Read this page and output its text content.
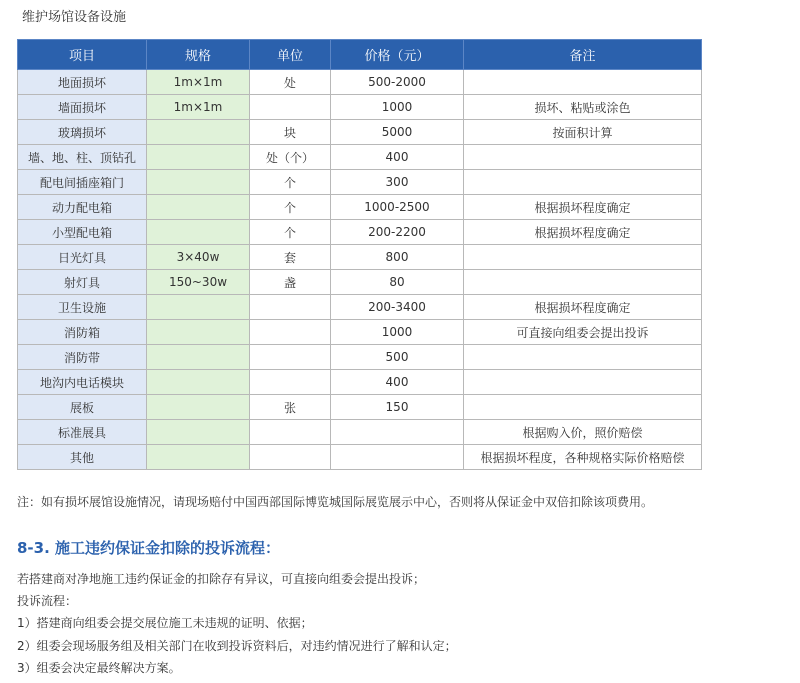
维护场馆设备设施
项目	规格	单位	价格（元）	备注
地面损坏	1m×1m	处	500-2000	
墙面损坏	1m×1m		1000	损坏、粘贴或涂色
玻璃损坏		块	5000	按面积计算
墙、地、柱、顶钻孔		处（个）	400	
配电间插座箱门		个	300	
动力配电箱		个	1000-2500	根据损坏程度确定
小型配电箱		个	200-2200	根据损坏程度确定
日光灯具	3×40w	套	800	
射灯具	150~30w	盏	80	
卫生设施			200-3400	根据损坏程度确定
消防箱			1000	可直接向组委会提出投诉
消防带			500	
地沟内电话模块			400	
展板		张	150	
标准展具				根据购入价，照价赔偿
其他				根据损坏程度，各种规格实际价格赔偿
注：如有损坏展馆设施情况，请现场赔付中国西部国际博览城国际展览展示中心，否则将从保证金中双倍扣除该项费用。
8-3. 施工违约保证金扣除的投诉流程：
若搭建商对净地施工违约保证金的扣除存有异议，可直接向组委会提出投诉；
投诉流程：
1）搭建商向组委会提交展位施工未违规的证明、依据；
2）组委会现场服务组及相关部门在收到投诉资料后，对违约情况进行了解和认定；
3）组委会决定最终解决方案。
